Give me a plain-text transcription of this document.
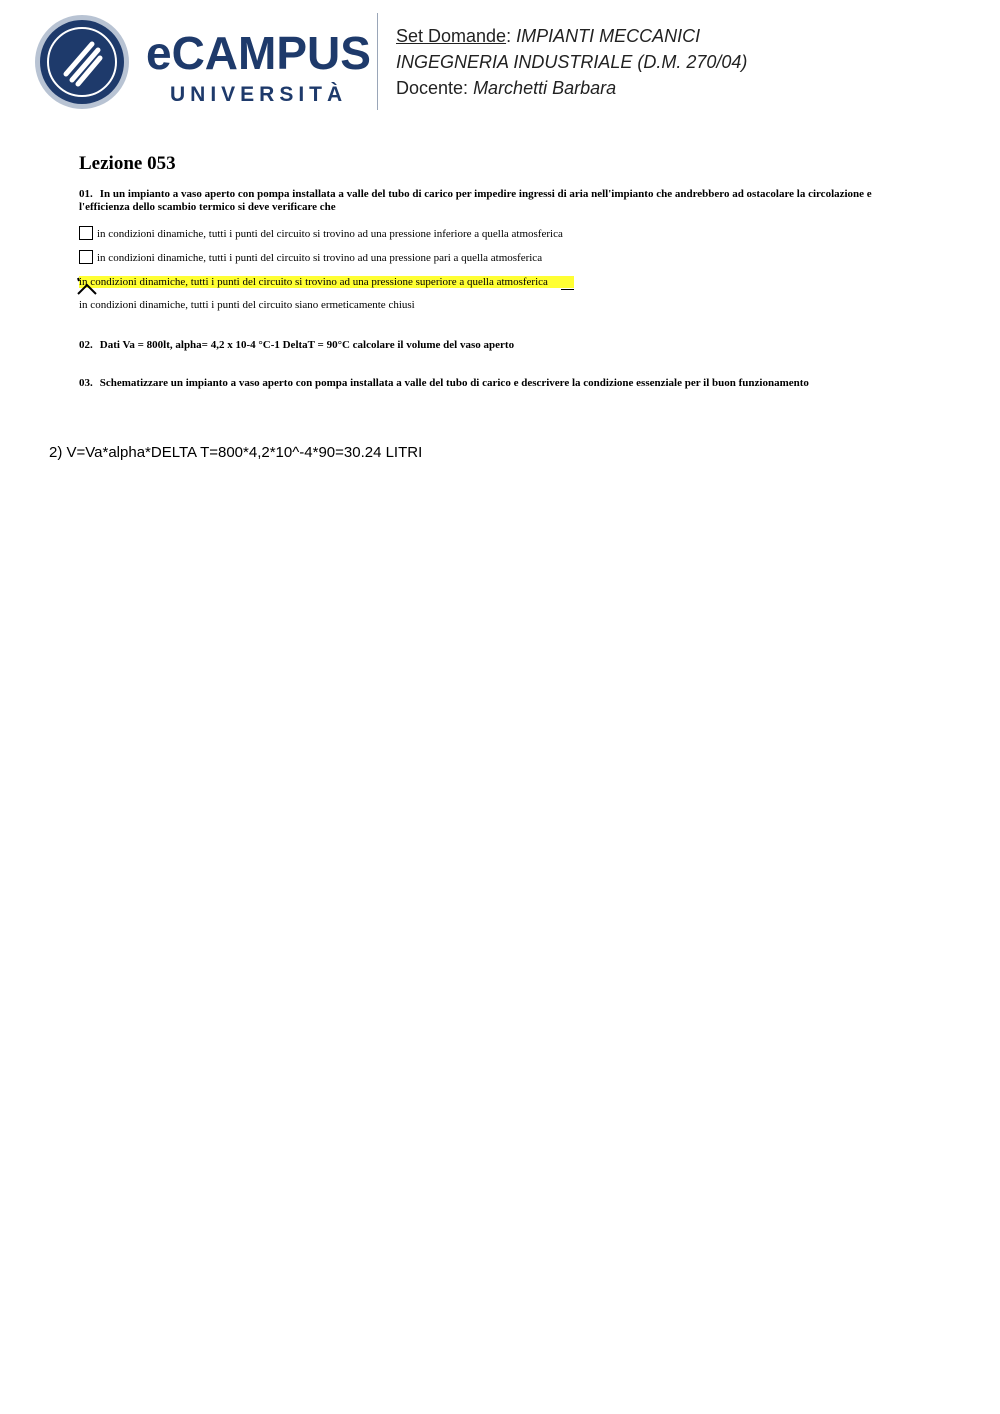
eCAMPUS
UNIVERSITÀ
Set Domande: IMPIANTI MECCANICI
INGEGNERIA INDUSTRIALE (D.M. 270/04)
Docente: Marchetti Barbara
Lezione 053
01. In un impianto a vaso aperto con pompa installata a valle del tubo di carico per impedire ingressi di aria nell'impianto che andrebbero ad ostacolare la circolazione e l'efficienza dello scambio termico si deve verificare che
in condizioni dinamiche, tutti i punti del circuito si trovino ad una pressione inferiore a quella atmosferica
in condizioni dinamiche, tutti i punti del circuito si trovino ad una pressione pari a quella atmosferica
in condizioni dinamiche, tutti i punti del circuito si trovino ad una pressione superiore a quella atmosferica
in condizioni dinamiche, tutti i punti del circuito siano ermeticamente chiusi
02. Dati Va = 800lt, alpha= 4,2 x 10-4 °C-1 DeltaT = 90°C calcolare il volume del vaso aperto
03. Schematizzare un impianto a vaso aperto con pompa installata a valle del tubo di carico e descrivere la condizione essenziale per il buon funzionamento
2) V=Va*alpha*DELTA T=800*4,2*10^-4*90=30.24 LITRI
